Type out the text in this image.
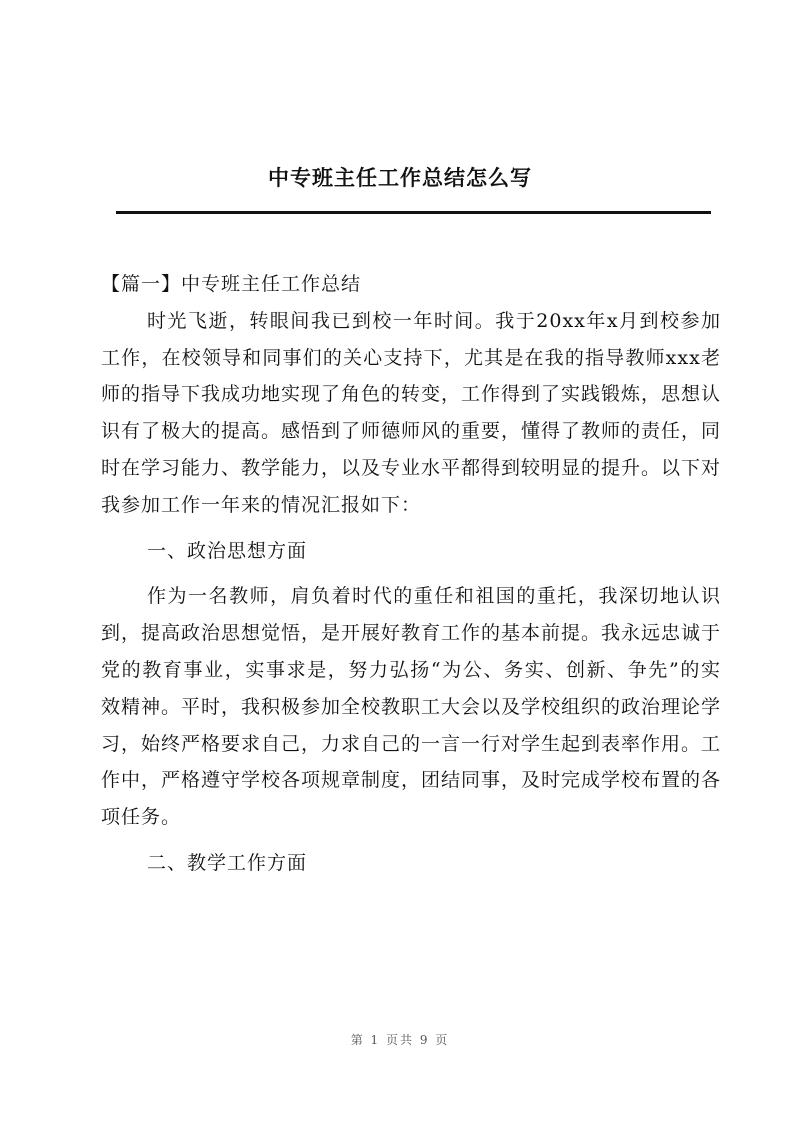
中专班主任工作总结怎么写

【篇一】中专班主任工作总结

时光飞逝，转眼间我已到校一年时间。我于20xx年x月到校参加工作，在校领导和同事们的关心支持下，尤其是在我的指导教师xxx老师的指导下我成功地实现了角色的转变，工作得到了实践锻炼，思想认识有了极大的提高。感悟到了师德师风的重要，懂得了教师的责任，同时在学习能力、教学能力，以及专业水平都得到较明显的提升。以下对我参加工作一年来的情况汇报如下：

一、政治思想方面

作为一名教师，肩负着时代的重任和祖国的重托，我深切地认识到，提高政治思想觉悟，是开展好教育工作的基本前提。我永远忠诚于党的教育事业，实事求是，努力弘扬“为公、务实、创新、争先”的实效精神。平时，我积极参加全校教职工大会以及学校组织的政治理论学习，始终严格要求自己，力求自己的一言一行对学生起到表率作用。工作中，严格遵守学校各项规章制度，团结同事，及时完成学校布置的各项任务。

二、教学工作方面

第 1 页共 9 页
